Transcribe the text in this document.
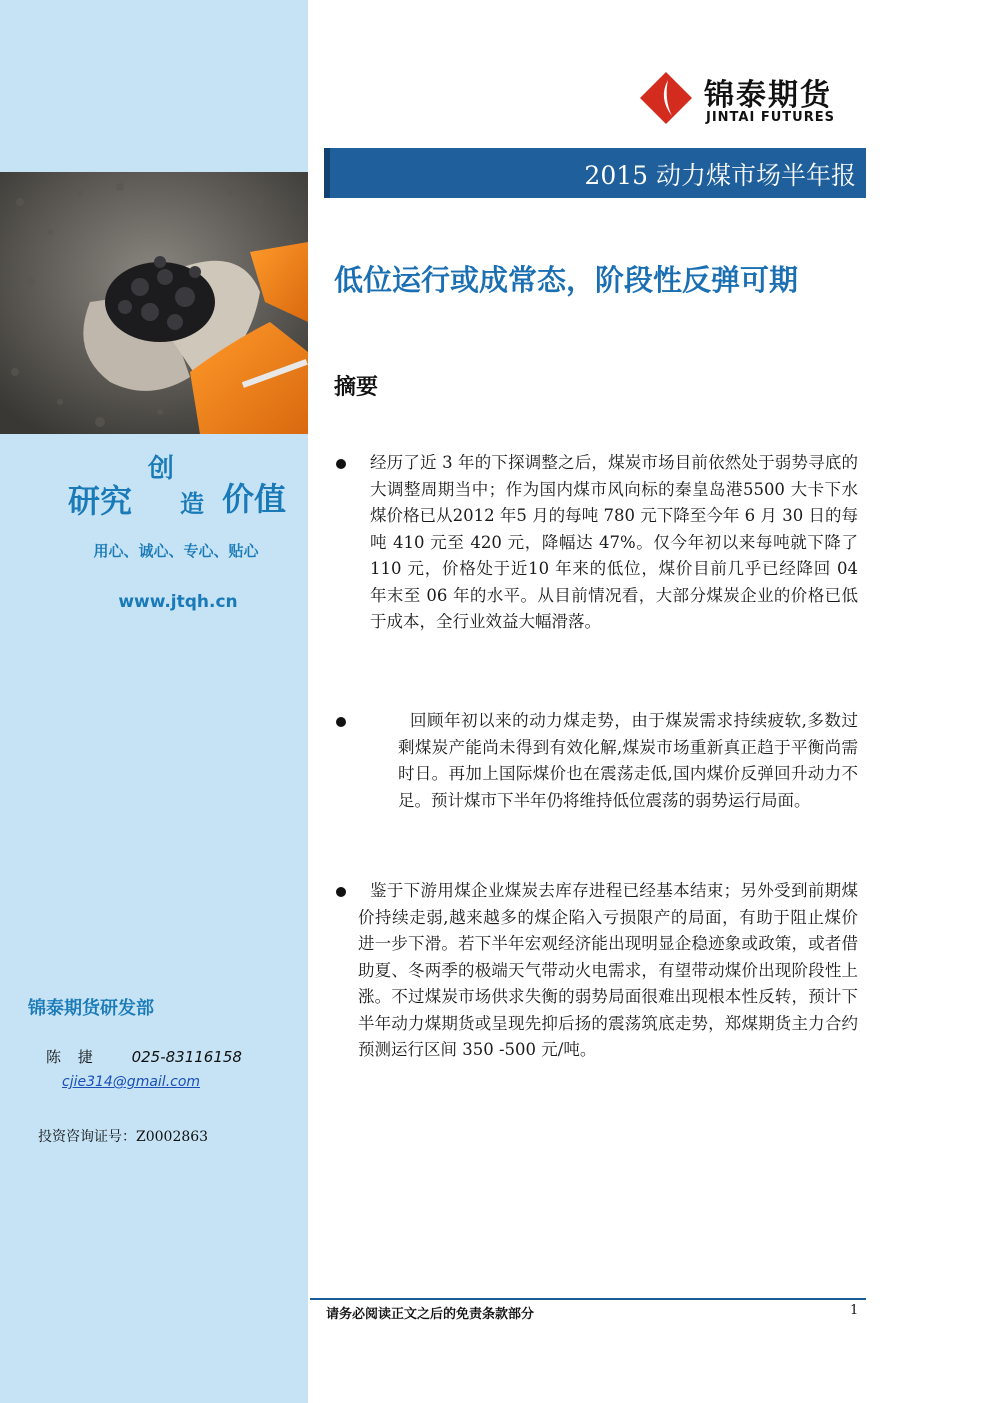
研究
创
造 价值
用心、诚心、专心、贴心
www.jtqh.cn
锦泰期货研发部
陈 捷 025-83116158
cjie314@gmail.com
投资咨询证号：Z0002863
锦泰期货
JINTAI FUTURES
2015 动力煤市场半年报
低位运行或成常态，阶段性反弹可期
摘要
经历了近 3 年的下探调整之后，煤炭市场目前依然处于弱势寻底的大调整周期当中；作为国内煤市风向标的秦皇岛港5500 大卡下水煤价格已从2012 年5 月的每吨 780 元下降至今年 6 月 30 日的每吨 410 元至 420 元，降幅达 47%。仅今年初以来每吨就下降了 110 元，价格处于近10 年来的低位，煤价目前几乎已经降回 04 年末至 06 年的水平。从目前情况看，大部分煤炭企业的价格已低于成本，全行业效益大幅滑落。
回顾年初以来的动力煤走势，由于煤炭需求持续疲软,多数过剩煤炭产能尚未得到有效化解,煤炭市场重新真正趋于平衡尚需时日。再加上国际煤价也在震荡走低,国内煤价反弹回升动力不足。预计煤市下半年仍将维持低位震荡的弱势运行局面。
鉴于下游用煤企业煤炭去库存进程已经基本结束；另外受到前期煤价持续走弱,越来越多的煤企陷入亏损限产的局面，有助于阻止煤价进一步下滑。若下半年宏观经济能出现明显企稳迹象或政策，或者借助夏、冬两季的极端天气带动火电需求，有望带动煤价出现阶段性上涨。不过煤炭市场供求失衡的弱势局面很难出现根本性反转，预计下半年动力煤期货或呈现先抑后扬的震荡筑底走势，郑煤期货主力合约预测运行区间 350 -500 元/吨。
请务必阅读正文之后的免责条款部分	1
